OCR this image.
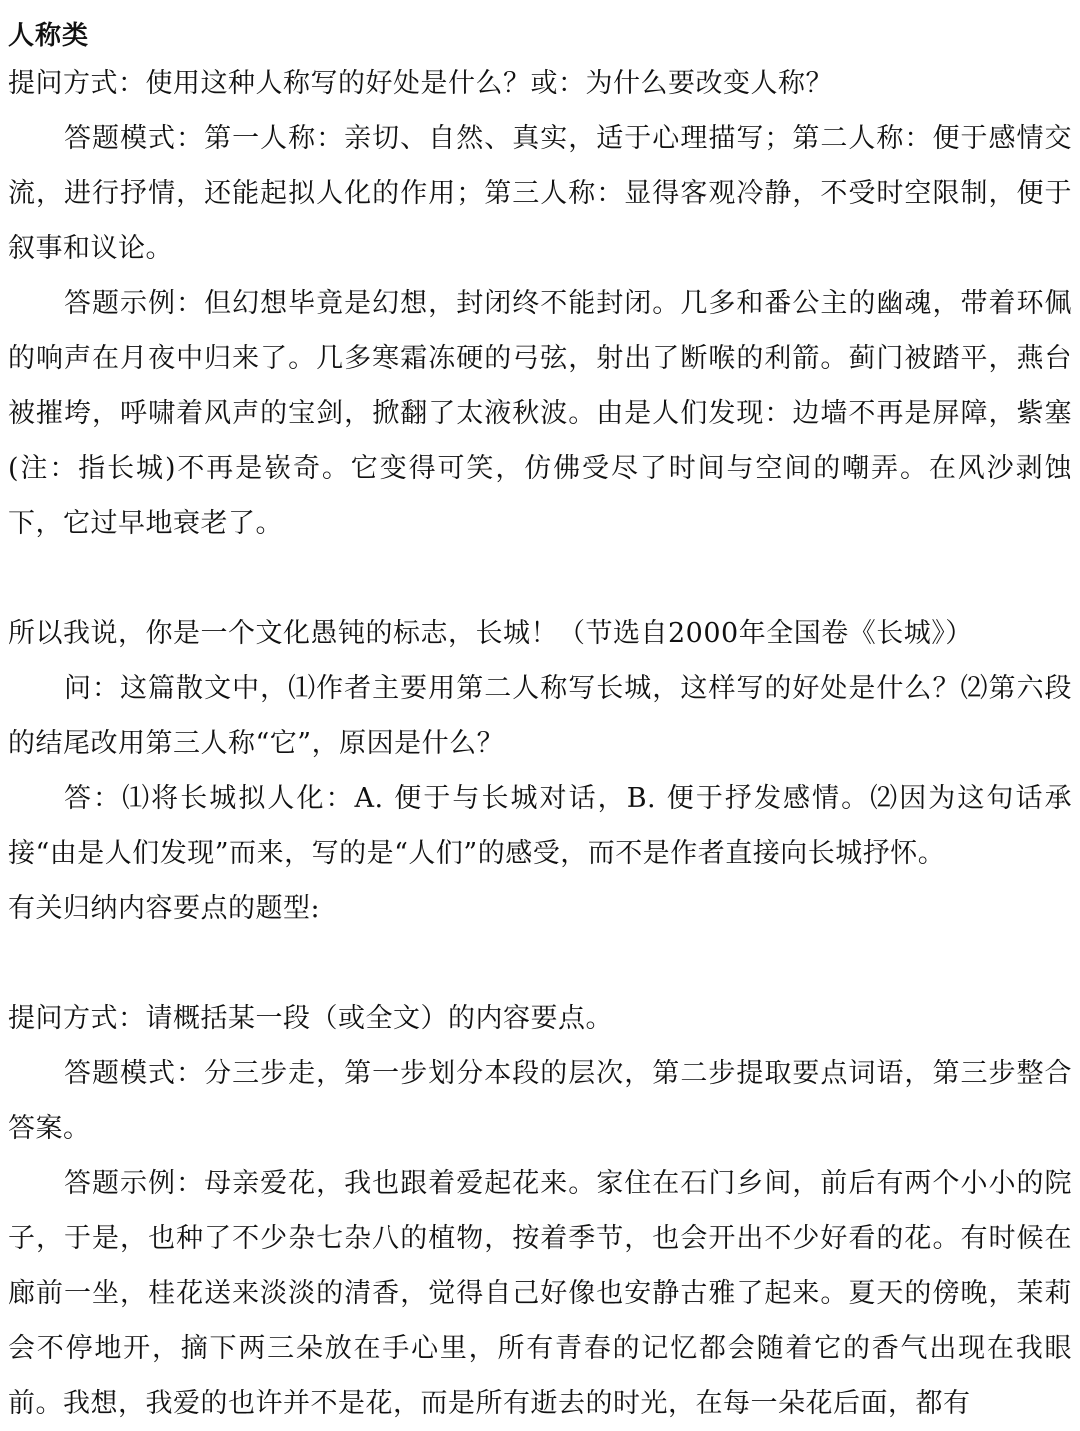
人称类

提问方式：使用这种人称写的好处是什么？或：为什么要改变人称？

答题模式：第一人称：亲切、自然、真实，适于心理描写；第二人称：便于感情交流，进行抒情，还能起拟人化的作用；第三人称：显得客观冷静，不受时空限制，便于叙事和议论。

答题示例：但幻想毕竟是幻想，封闭终不能封闭。几多和番公主的幽魂，带着环佩的响声在月夜中归来了。几多寒霜冻硬的弓弦，射出了断喉的利箭。蓟门被踏平，燕台被摧垮，呼啸着风声的宝剑，掀翻了太液秋波。由是人们发现：边墙不再是屏障，紫塞(注：指长城)不再是嵚奇。它变得可笑，仿佛受尽了时间与空间的嘲弄。在风沙剥蚀下，它过早地衰老了。

所以我说，你是一个文化愚钝的标志，长城！（节选自2000年全国卷《长城》）

问：这篇散文中，⑴作者主要用第二人称写长城，这样写的好处是什么？⑵第六段的结尾改用第三人称“它”，原因是什么？

答：⑴将长城拟人化：A. 便于与长城对话，B. 便于抒发感情。⑵因为这句话承接“由是人们发现”而来，写的是“人们”的感受，而不是作者直接向长城抒怀。

有关归纳内容要点的题型:

提问方式：请概括某一段（或全文）的内容要点。

答题模式：分三步走，第一步划分本段的层次，第二步提取要点词语，第三步整合答案。

答题示例：母亲爱花，我也跟着爱起花来。家住在石门乡间，前后有两个小小的院子，于是，也种了不少杂七杂八的植物，按着季节，也会开出不少好看的花。有时候在廊前一坐，桂花送来淡淡的清香，觉得自己好像也安静古雅了起来。夏天的傍晚，茉莉会不停地开，摘下两三朵放在手心里，所有青春的记忆都会随着它的香气出现在我眼前。我想，我爱的也许并不是花，而是所有逝去的时光，在每一朵花后面，都有
